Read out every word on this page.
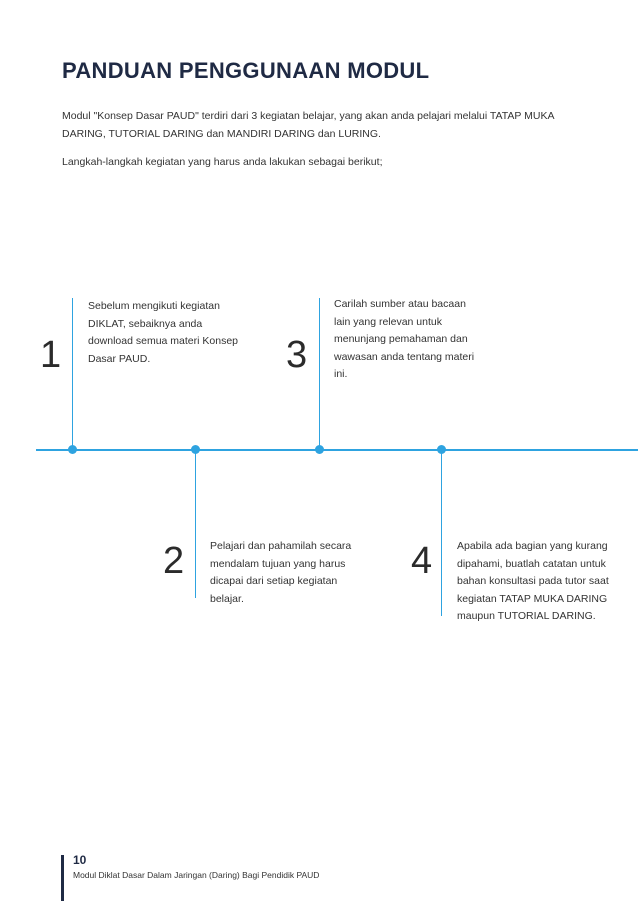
PANDUAN PENGGUNAAN MODUL

Modul "Konsep Dasar PAUD" terdiri dari 3 kegiatan belajar, yang akan anda pelajari melalui TATAP MUKA DARING, TUTORIAL DARING dan MANDIRI DARING dan LURING.

Langkah-langkah kegiatan yang harus anda lakukan sebagai berikut;

1
Sebelum mengikuti kegiatan DIKLAT, sebaiknya anda download semua materi Konsep Dasar PAUD.
2 Pelajari dan pahamilah secara mendalam tujuan yang harus dicapai dari setiap kegiatan belajar.
3
Carilah sumber atau bacaan lain yang relevan untuk menunjang pemahaman dan wawasan anda tentang materi ini.
4 Apabila ada bagian yang kurang dipahami, buatlah catatan untuk bahan konsultasi pada tutor saat kegiatan TATAP MUKA DARING maupun TUTORIAL DARING.
10
Modul Diklat Dasar Dalam Jaringan (Daring) Bagi Pendidik PAUD
